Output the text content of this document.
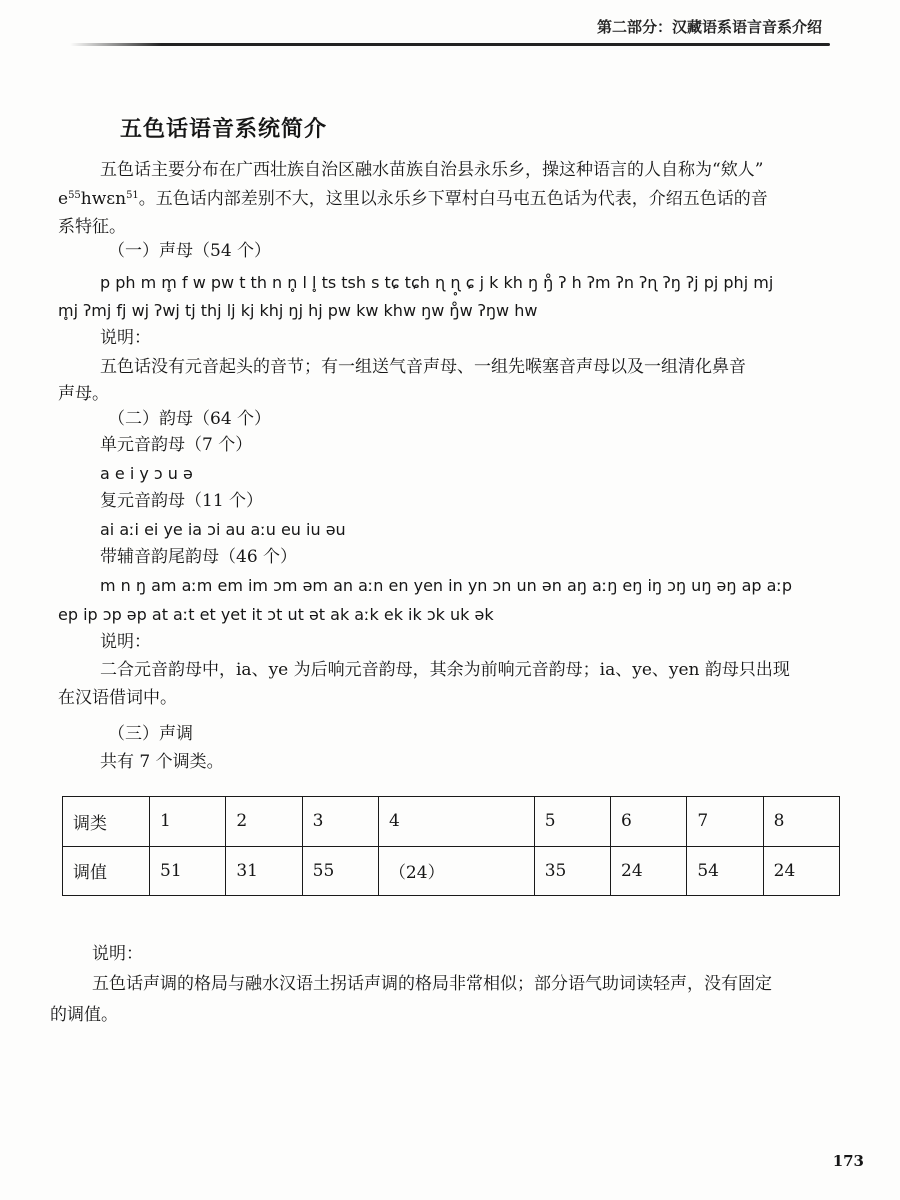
第二部分：汉藏语系语言音系介绍
五色话语音系统简介
五色话主要分布在广西壮族自治区融水苗族自治县永乐乡，操这种语言的人自称为“欸人”
$e^{55}hwɛn^{51}$。五色话内部差别不大，这里以永乐乡下覃村白马屯五色话为代表，介绍五色话的音
系特征。
（一）声母（54 个）
p ph m m̥ f w pw t th n n̥ l l̥ ts tsh s tɕ tɕh ɳ ɳ̥ ɕ j k kh ŋ ŋ̊ ʔ h ʔm ʔn ʔɳ ʔŋ ʔj pj phj mj
m̥j ʔmj fj wj ʔwj tj thj lj kj khj ŋj hj pw kw khw ŋw ŋ̊w ʔŋw hw
说明：
五色话没有元音起头的音节；有一组送气音声母、一组先喉塞音声母以及一组清化鼻音
声母。
（二）韵母（64 个）
单元音韵母（7 个）
a e i y ɔ u ə
复元音韵母（11 个）
ai aːi ei ye ia ɔi au aːu eu iu əu
带辅音韵尾韵母（46 个）
m n ŋ am aːm em im ɔm əm an aːn en yen in yn ɔn un ən aŋ aːŋ eŋ iŋ ɔŋ uŋ əŋ ap aːp
ep ip ɔp əp at aːt et yet it ɔt ut ət ak aːk ek ik ɔk uk ək
说明：
二合元音韵母中，ia、ye 为后响元音韵母，其余为前响元音韵母；ia、ye、yen 韵母只出现
在汉语借词中。
（三）声调
共有 7 个调类。
调类	1	2	3	4	5	6	7	8
调值	51	31	55	（24）	35	24	54	24
说明：
五色话声调的格局与融水汉语土拐话声调的格局非常相似；部分语气助词读轻声，没有固定
的调值。
173
